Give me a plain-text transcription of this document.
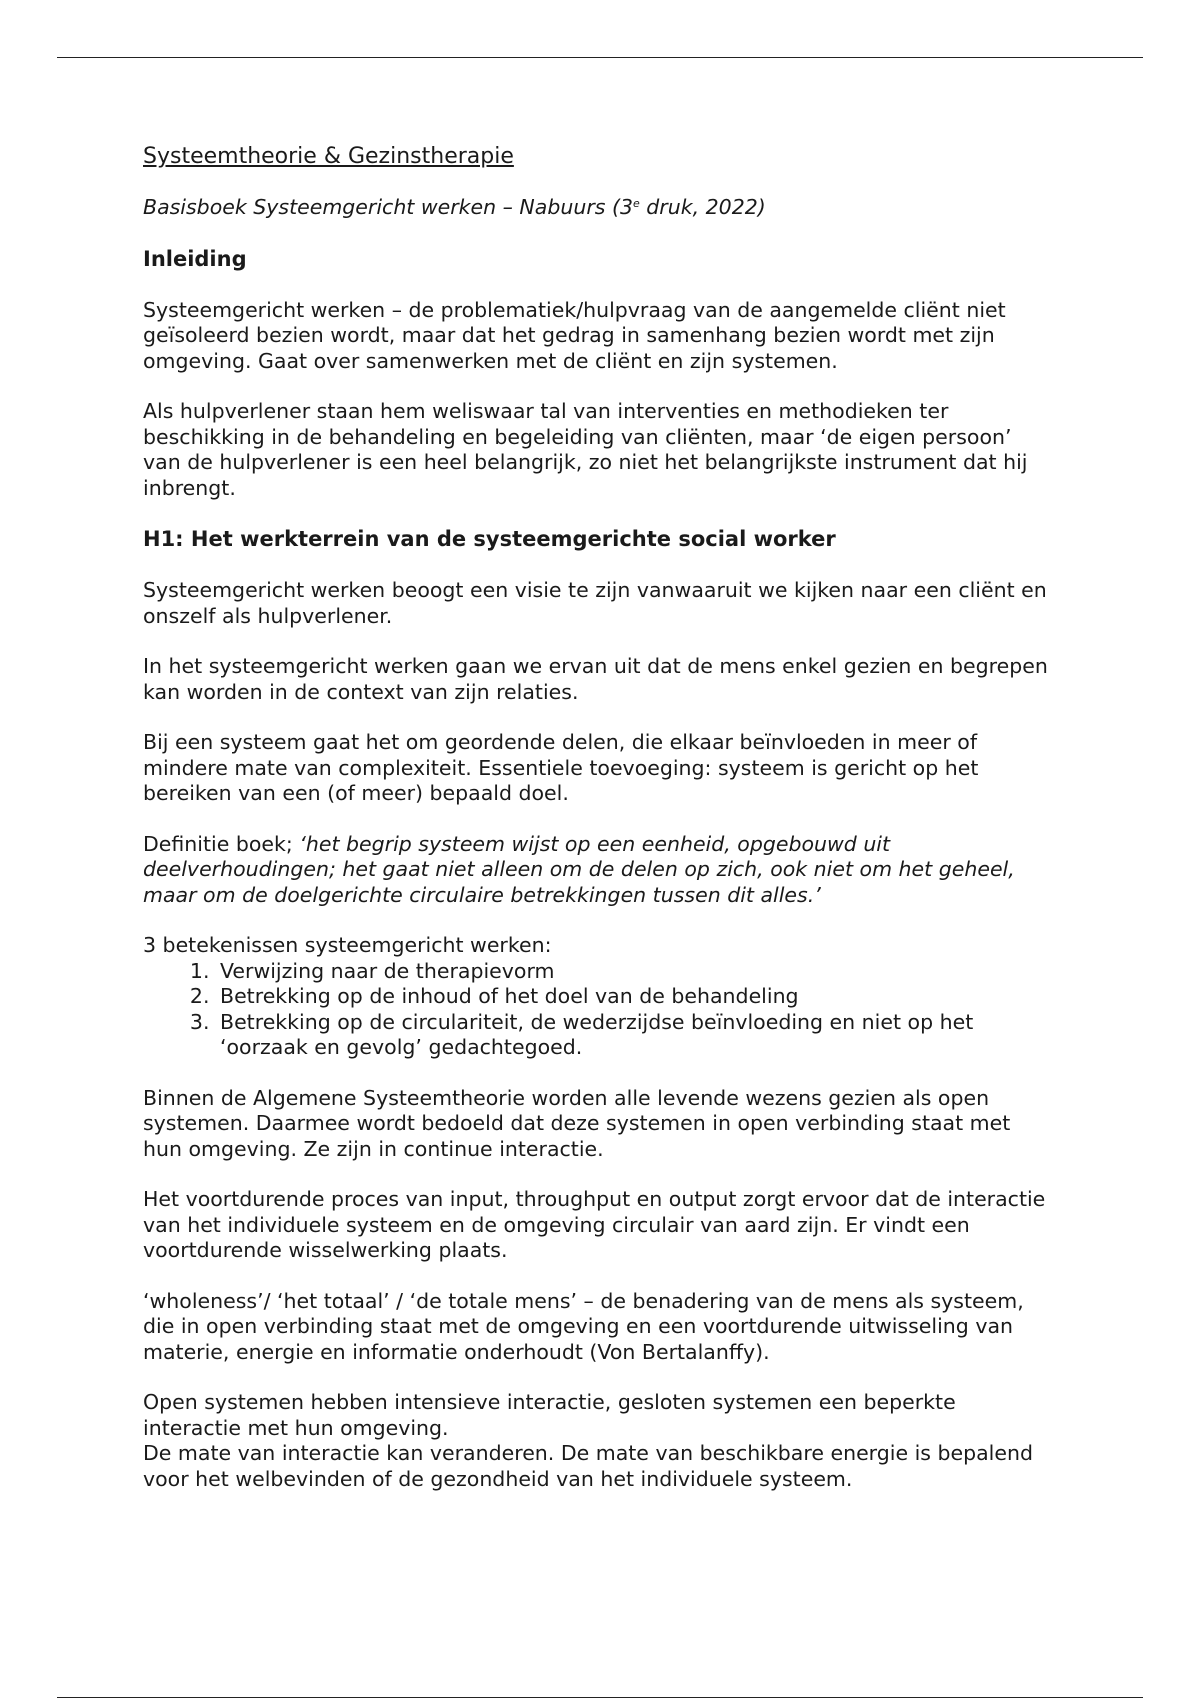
Systeemtheorie & Gezinstherapie
Basisboek Systeemgericht werken – Nabuurs (3e druk, 2022)
Inleiding

Systeemgericht werken – de problematiek/hulpvraag van de aangemelde cliënt niet geïsoleerd bezien wordt, maar dat het gedrag in samenhang bezien wordt met zijn omgeving. Gaat over samenwerken met de cliënt en zijn systemen.

Als hulpverlener staan hem weliswaar tal van interventies en methodieken ter beschikking in de behandeling en begeleiding van cliënten, maar ‘de eigen persoon’ van de hulpverlener is een heel belangrijk, zo niet het belangrijkste instrument dat hij inbrengt.

H1: Het werkterrein van de systeemgerichte social worker

Systeemgericht werken beoogt een visie te zijn vanwaaruit we kijken naar een cliënt en onszelf als hulpverlener.

In het systeemgericht werken gaan we ervan uit dat de mens enkel gezien en begrepen kan worden in de context van zijn relaties.

Bij een systeem gaat het om geordende delen, die elkaar beïnvloeden in meer of mindere mate van complexiteit. Essentiele toevoeging: systeem is gericht op het bereiken van een (of meer) bepaald doel.

Definitie boek; ‘het begrip systeem wijst op een eenheid, opgebouwd uit deelverhoudingen; het gaat niet alleen om de delen op zich, ook niet om het geheel, maar om de doelgerichte circulaire betrekkingen tussen dit alles.’

3 betekenissen systeemgericht werken:

1. Verwijzing naar de therapievorm
2. Betrekking op de inhoud of het doel van de behandeling
3. Betrekking op de circulariteit, de wederzijdse beïnvloeding en niet op het ‘oorzaak en gevolg’ gedachtegoed.

Binnen de Algemene Systeemtheorie worden alle levende wezens gezien als open systemen. Daarmee wordt bedoeld dat deze systemen in open verbinding staat met hun omgeving. Ze zijn in continue interactie.

Het voortdurende proces van input, throughput en output zorgt ervoor dat de interactie van het individuele systeem en de omgeving circulair van aard zijn. Er vindt een voortdurende wisselwerking plaats.

‘wholeness’/ ‘het totaal’ / ‘de totale mens’ – de benadering van de mens als systeem, die in open verbinding staat met de omgeving en een voortdurende uitwisseling van materie, energie en informatie onderhoudt (Von Bertalanffy).

Open systemen hebben intensieve interactie, gesloten systemen een beperkte interactie met hun omgeving.

De mate van interactie kan veranderen. De mate van beschikbare energie is bepalend voor het welbevinden of de gezondheid van het individuele systeem.
